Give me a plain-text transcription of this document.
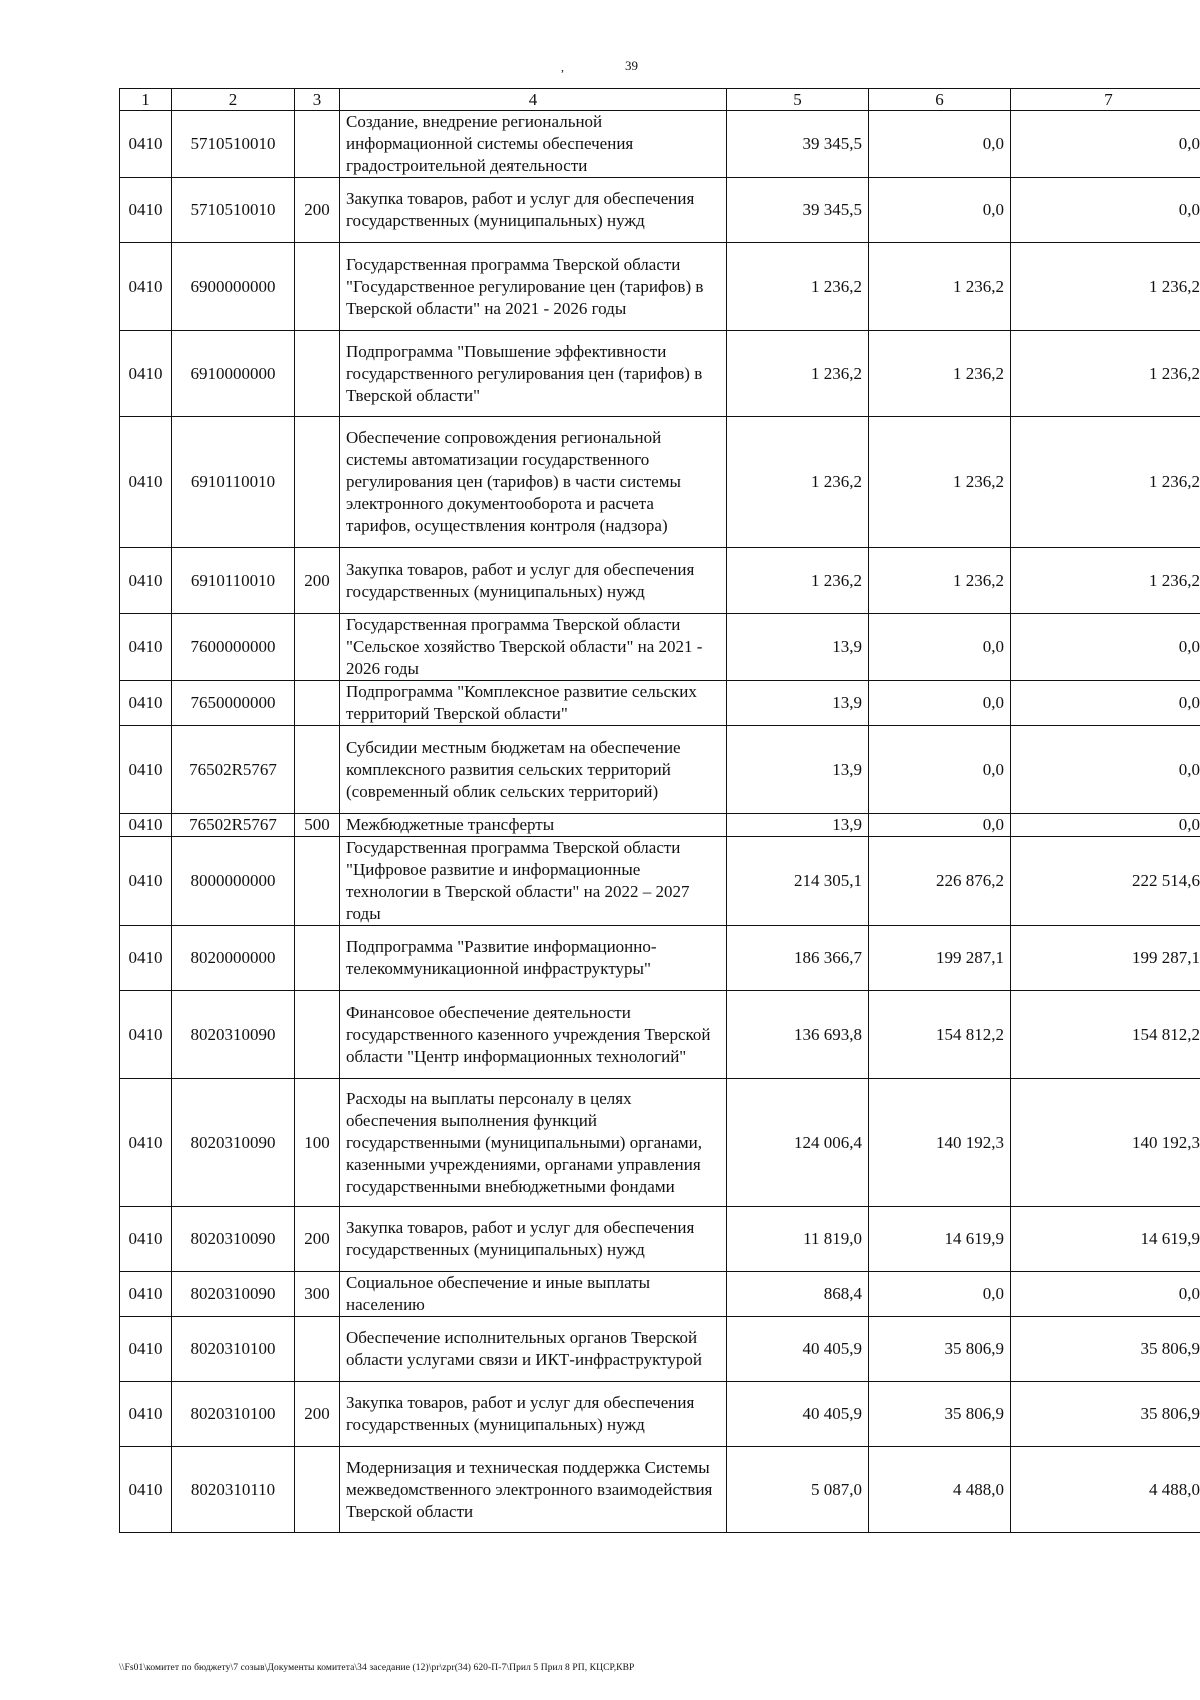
39
,
1	2	3	4	5	6	7
0410	5710510010		Создание, внедрение региональной информационной системы обеспечения градостроительной деятельности	39 345,5	0,0	0,0
0410	5710510010	200	Закупка товаров, работ и услуг для обеспечения государственных (муниципальных) нужд	39 345,5	0,0	0,0
0410	6900000000		Государственная программа Тверской области "Государственное регулирование цен (тарифов) в Тверской области" на 2021 - 2026 годы	1 236,2	1 236,2	1 236,2
0410	6910000000		Подпрограмма "Повышение эффективности государственного регулирования цен (тарифов) в Тверской области"	1 236,2	1 236,2	1 236,2
0410	6910110010		Обеспечение сопровождения региональной системы автоматизации государственного регулирования цен (тарифов) в части системы электронного документооборота и расчета тарифов, осуществления контроля (надзора)	1 236,2	1 236,2	1 236,2
0410	6910110010	200	Закупка товаров, работ и услуг для обеспечения государственных (муниципальных) нужд	1 236,2	1 236,2	1 236,2
0410	7600000000		Государственная программа Тверской области "Сельское хозяйство Тверской области" на 2021 - 2026 годы	13,9	0,0	0,0
0410	7650000000		Подпрограмма "Комплексное развитие сельских территорий Тверской области"	13,9	0,0	0,0
0410	76502R5767		Субсидии местным бюджетам на обеспечение комплексного развития сельских территорий (современный облик сельских территорий)	13,9	0,0	0,0
0410	76502R5767	500	Межбюджетные трансферты	13,9	0,0	0,0
0410	8000000000		Государственная программа Тверской области "Цифровое развитие и информационные технологии в Тверской области" на 2022 – 2027 годы	214 305,1	226 876,2	222 514,6
0410	8020000000		Подпрограмма "Развитие информационно-телекоммуникационной инфраструктуры"	186 366,7	199 287,1	199 287,1
0410	8020310090		Финансовое обеспечение деятельности государственного казенного учреждения Тверской области "Центр информационных технологий"	136 693,8	154 812,2	154 812,2
0410	8020310090	100	Расходы на выплаты персоналу в целях обеспечения выполнения функций государственными (муниципальными) органами, казенными учреждениями, органами управления государственными внебюджетными фондами	124 006,4	140 192,3	140 192,3
0410	8020310090	200	Закупка товаров, работ и услуг для обеспечения государственных (муниципальных) нужд	11 819,0	14 619,9	14 619,9
0410	8020310090	300	Социальное обеспечение и иные выплаты населению	868,4	0,0	0,0
0410	8020310100		Обеспечение исполнительных органов Тверской области услугами связи и ИКТ-инфраструктурой	40 405,9	35 806,9	35 806,9
0410	8020310100	200	Закупка товаров, работ и услуг для обеспечения государственных (муниципальных) нужд	40 405,9	35 806,9	35 806,9
0410	8020310110		Модернизация и техническая поддержка Системы межведомственного электронного взаимодействия Тверской области	5 087,0	4 488,0	4 488,0
\\Fs01\комитет по бюджету\7 созыв\Документы комитета\34 заседание (12)\pr\zpr(34) 620-П-7\Прил 5 Прил 8 РП, КЦСР,КВР
